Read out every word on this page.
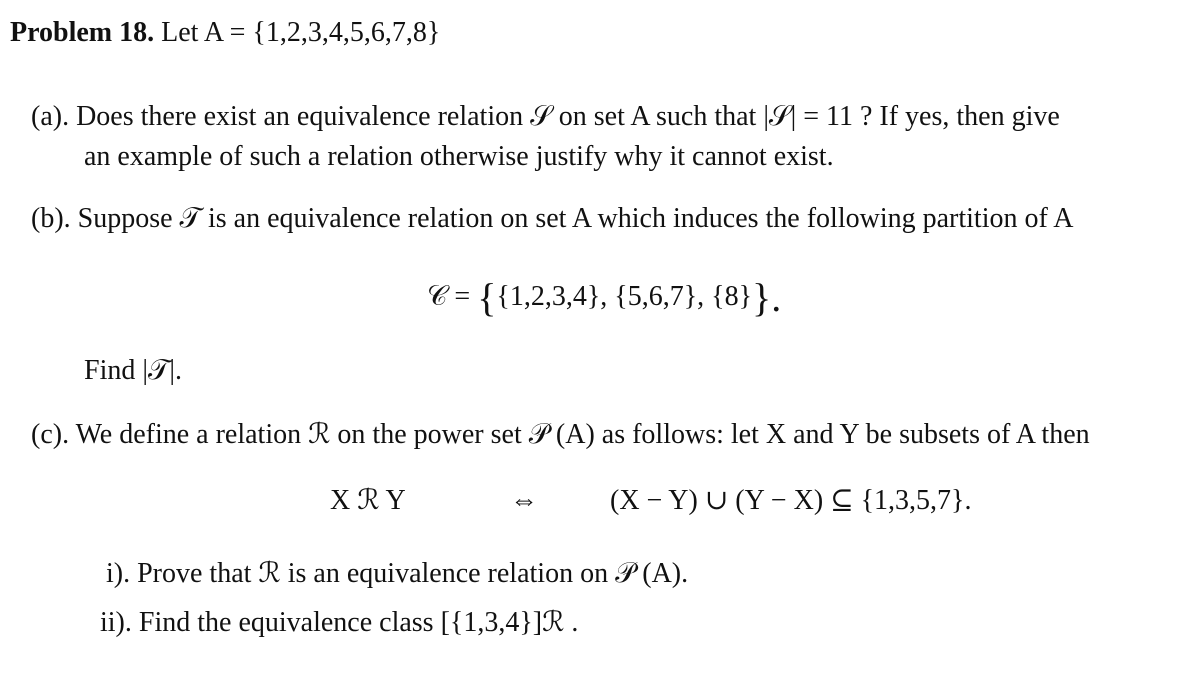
Problem 18. Let A = {1,2,3,4,5,6,7,8}
(a). Does there exist an equivalence relation 𝒮 on set A such that |𝒮| = 11 ? If yes, then give
an example of such a relation otherwise justify why it cannot exist.
(b). Suppose 𝒯 is an equivalence relation on set A which induces the following partition of A
𝒞 = {{1,2,3,4}, {5,6,7}, {8}}.
Find |𝒯|.
(c). We define a relation ℛ on the power set 𝒫 (A) as follows: let X and Y be subsets of A then
X ℛ Y	⇔	(X − Y) ∪ (Y − X) ⊆ {1,3,5,7}.
i). Prove that ℛ is an equivalence relation on 𝒫 (A).
ii). Find the equivalence class [{1,3,4}]ℛ .
